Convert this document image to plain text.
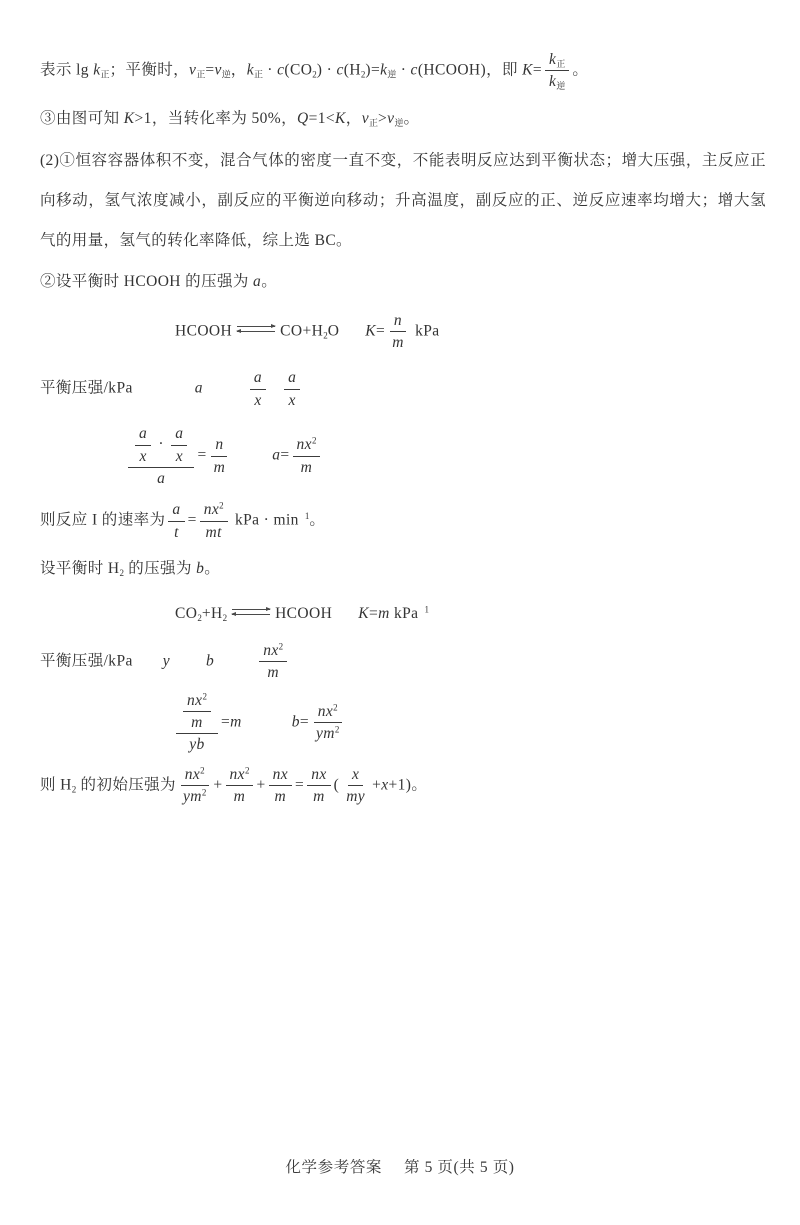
表示 $\lg k_正$；平衡时，$v_正=v_逆$，$k_正 \cdot c(CO_2) \cdot c(H_2)=k_逆$ · c(HCOOH)，即 $K= \frac{k_正}{k_逆}$ 。
③由图可知 K>1，当转化率为 50%，Q=1<K，$v_正>v_逆$。
(2)①恒容容器体积不变，混合气体的密度一直不变，不能表明反应达到平衡状态；增大压强，主反应正向移动，氢气浓度减小，副反应的平衡逆向移动；升高温度，副反应的正、逆反应速率均增大；增大氢气的用量，氢气的转化率降低，综上选 BC。
②设平衡时 HCOOH 的压强为 a。
HCOOH	$CO+H_2O$ $K= \frac{n}{m}$ kPa
平衡压强/kPa	a	$\frac{a}{x} \frac{a}{x}$
$\frac{\frac{a}{x} \cdot \frac{a}{x}}{a} = \frac{n}{m}$	$a= \frac{nx^2}{m}$
则反应 I 的速率为 $\frac{a}{t} = \frac{nx^2}{mt}$ kPa · min $^1$。
设平衡时 $H_2$ 的压强为 b。
$CO_2+H_2$	HCOOH K=m kPa $^1$
平衡压强/kPa y b	$\frac{nx^2}{m}$
$\frac{\frac{nx^2}{m}}{yb} =m$	$b= \frac{nx^2}{ym^2}$
则 $H_2$ 的初始压强为 $\frac{nx^2}{ym^2} + \frac{nx^2}{m} + \frac{nx}{m} = \frac{nx}{m}$ ( $\frac{x}{my} +x+1$)。
化学参考答案 第 5 页(共 5 页)
